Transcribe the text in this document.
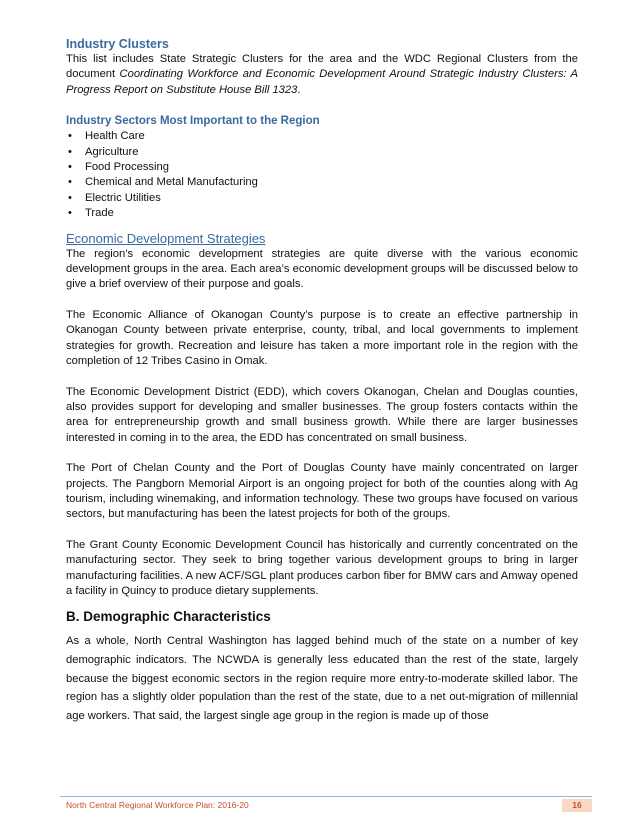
Industry Clusters

This list includes State Strategic Clusters for the area and the WDC Regional Clusters from the document Coordinating Workforce and Economic Development Around Strategic Industry Clusters: A Progress Report on Substitute House Bill 1323.

Industry Sectors Most Important to the Region
• Health Care
• Agriculture
• Food Processing
• Chemical and Metal Manufacturing
• Electric Utilities
• Trade
Economic Development Strategies

The region’s economic development strategies are quite diverse with the various economic development groups in the area. Each area’s economic development groups will be discussed below to give a brief overview of their purpose and goals.

The Economic Alliance of Okanogan County’s purpose is to create an effective partnership in Okanogan County between private enterprise, county, tribal, and local governments to implement strategies for growth. Recreation and leisure has taken a more important role in the region with the completion of 12 Tribes Casino in Omak.

The Economic Development District (EDD), which covers Okanogan, Chelan and Douglas counties, also provides support for developing and smaller businesses. The group fosters contacts within the area for entrepreneurship growth and small business growth. While there are larger businesses interested in coming in to the area, the EDD has concentrated on small business.

The Port of Chelan County and the Port of Douglas County have mainly concentrated on larger projects. The Pangborn Memorial Airport is an ongoing project for both of the counties along with Ag tourism, including winemaking, and information technology. These two groups have focused on various sectors, but manufacturing has been the latest projects for both of the groups.

The Grant County Economic Development Council has historically and currently concentrated on the manufacturing sector. They seek to bring together various development groups to bring in larger manufacturing facilities. A new ACF/SGL plant produces carbon fiber for BMW cars and Amway opened a facility in Quincy to produce dietary supplements.

B. Demographic Characteristics

As a whole, North Central Washington has lagged behind much of the state on a number of key demographic indicators. The NCWDA is generally less educated than the rest of the state, largely because the biggest economic sectors in the region require more entry-to-moderate skilled labor. The region has a slightly older population than the rest of the state, due to a net out-migration of millennial age workers. That said, the largest single age group in the region is made up of those

North Central Regional Workforce Plan: 2016-20	16
